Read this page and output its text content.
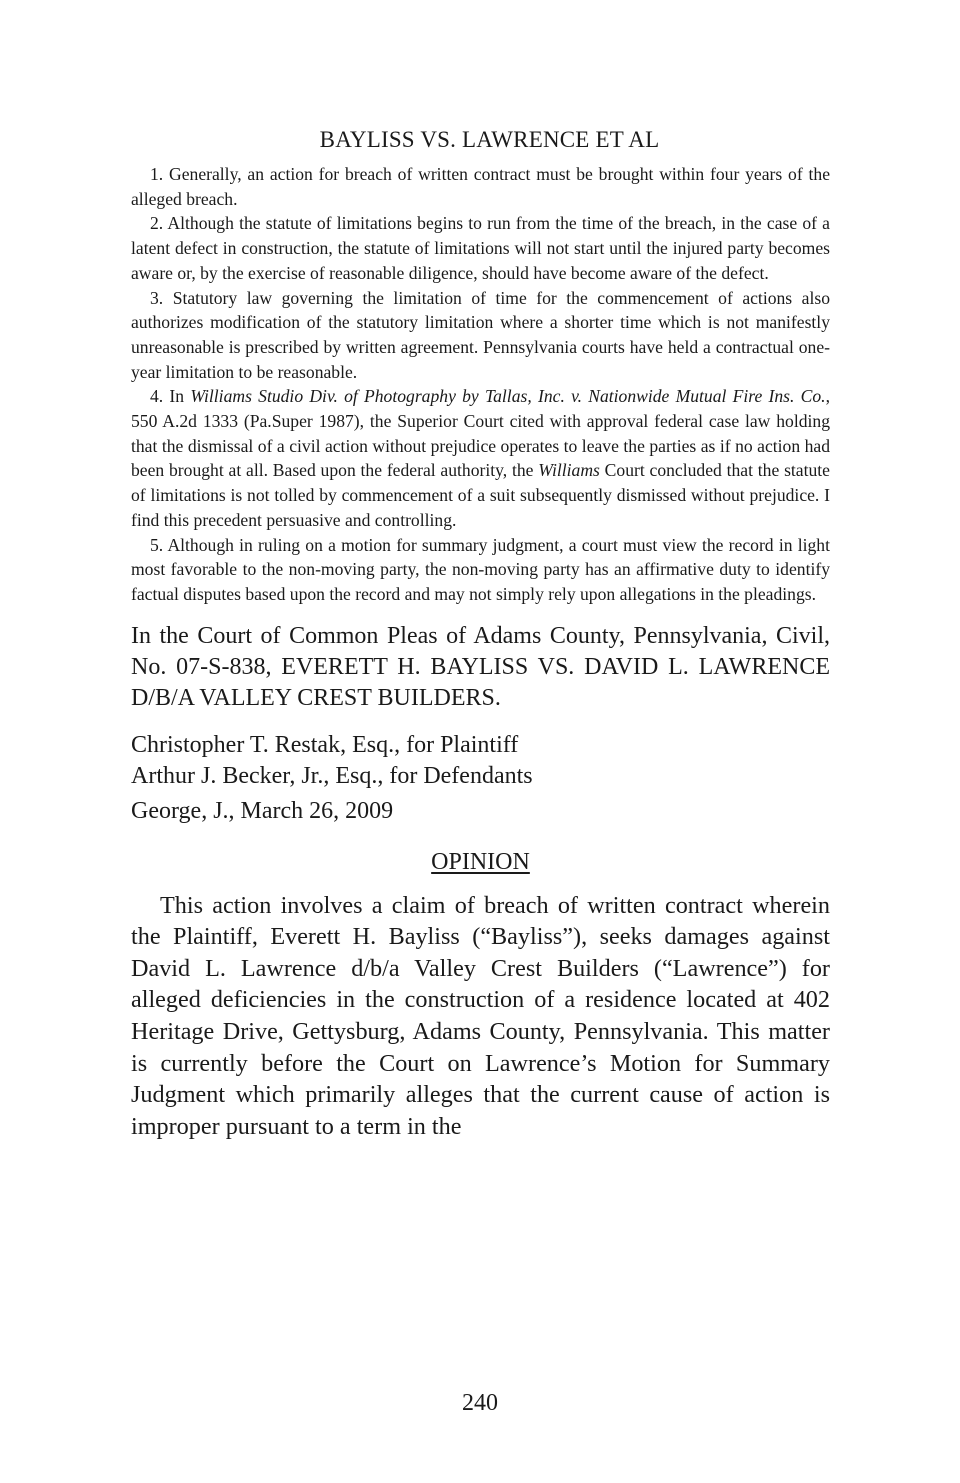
BAYLISS VS. LAWRENCE ET AL

1. Generally, an action for breach of written contract must be brought within four years of the alleged breach.

2. Although the statute of limitations begins to run from the time of the breach, in the case of a latent defect in construction, the statute of limitations will not start until the injured party becomes aware or, by the exercise of reasonable diligence, should have become aware of the defect.

3. Statutory law governing the limitation of time for the commencement of actions also authorizes modification of the statutory limitation where a shorter time which is not manifestly unreasonable is prescribed by written agreement. Pennsylvania courts have held a contractual one-year limitation to be reasonable.

4. In Williams Studio Div. of Photography by Tallas, Inc. v. Nationwide Mutual Fire Ins. Co., 550 A.2d 1333 (Pa.Super 1987), the Superior Court cited with approval federal case law holding that the dismissal of a civil action without prejudice operates to leave the parties as if no action had been brought at all. Based upon the federal authority, the Williams Court concluded that the statute of limitations is not tolled by commencement of a suit subsequently dismissed without prejudice. I find this precedent persuasive and controlling.

5. Although in ruling on a motion for summary judgment, a court must view the record in light most favorable to the non-moving party, the non-moving party has an affirmative duty to identify factual disputes based upon the record and may not simply rely upon allegations in the pleadings.

In the Court of Common Pleas of Adams County, Pennsylvania, Civil, No. 07-S-838, EVERETT H. BAYLISS VS. DAVID L. LAWRENCE D/B/A VALLEY CREST BUILDERS.

Christopher T. Restak, Esq., for Plaintiff
Arthur J. Becker, Jr., Esq., for Defendants
George, J., March 26, 2009
OPINION

This action involves a claim of breach of written contract wherein the Plaintiff, Everett H. Bayliss (“Bayliss”), seeks damages against David L. Lawrence d/b/a Valley Crest Builders (“Lawrence”) for alleged deficiencies in the construction of a residence located at 402 Heritage Drive, Gettysburg, Adams County, Pennsylvania. This matter is currently before the Court on Lawrence’s Motion for Summary Judgment which primarily alleges that the current cause of action is improper pursuant to a term in the

240
